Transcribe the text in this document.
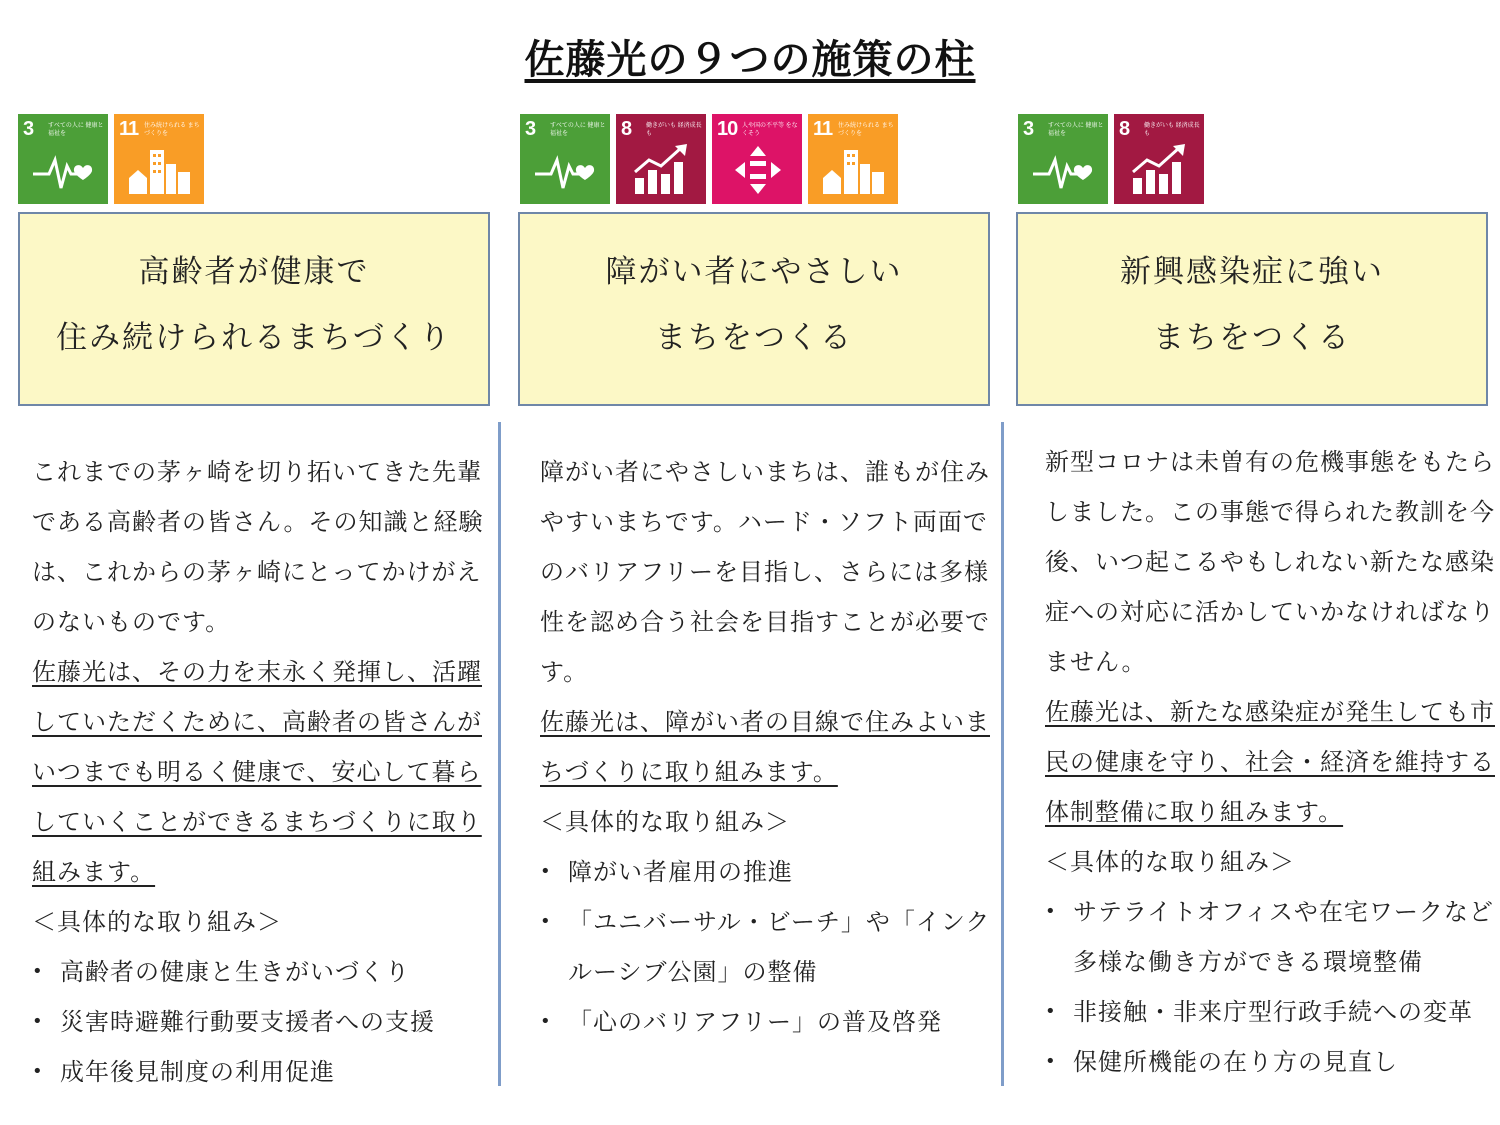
佐藤光の９つの施策の柱
3 すべての人に 健康と福祉を	11 住み続けられる まちづくりを	3 すべての人に 健康と福祉を	8 働きがいも 経済成長も	10 人や国の不平等 をなくそう	11 住み続けられる まちづくりを	3 すべての人に 健康と福祉を	8 働きがいも 経済成長も
高齢者が健康で
住み続けられるまちづくり
障がい者にやさしい
まちをつくる
新興感染症に強い
まちをつくる

これまでの茅ヶ崎を切り拓いてきた先輩である高齢者の皆さん。その知識と経験は、これからの茅ヶ崎にとってかけがえのないものです。

佐藤光は、その力を末永く発揮し、活躍していただくために、高齢者の皆さんがいつまでも明るく健康で、安心して暮らしていくことができるまちづくりに取り組みます。

＜具体的な取り組み＞

• 高齢者の健康と生きがいづくり
• 災害時避難行動要支援者への支援
• 成年後見制度の利用促進

障がい者にやさしいまちは、誰もが住みやすいまちです。ハード・ソフト両面でのバリアフリーを目指し、さらには多様性を認め合う社会を目指すことが必要です。

佐藤光は、障がい者の目線で住みよいまちづくりに取り組みます。

＜具体的な取り組み＞

• 障がい者雇用の推進
• 「ユニバーサル・ビーチ」や「インクルーシブ公園」の整備
• 「心のバリアフリー」の普及啓発

新型コロナは未曽有の危機事態をもたらしました。この事態で得られた教訓を今後、いつ起こるやもしれない新たな感染症への対応に活かしていかなければなりません。

佐藤光は、新たな感染症が発生しても市民の健康を守り、社会・経済を維持する体制整備に取り組みます。

＜具体的な取り組み＞

• サテライトオフィスや在宅ワークなど多様な働き方ができる環境整備
• 非接触・非来庁型行政手続への変革
• 保健所機能の在り方の見直し
